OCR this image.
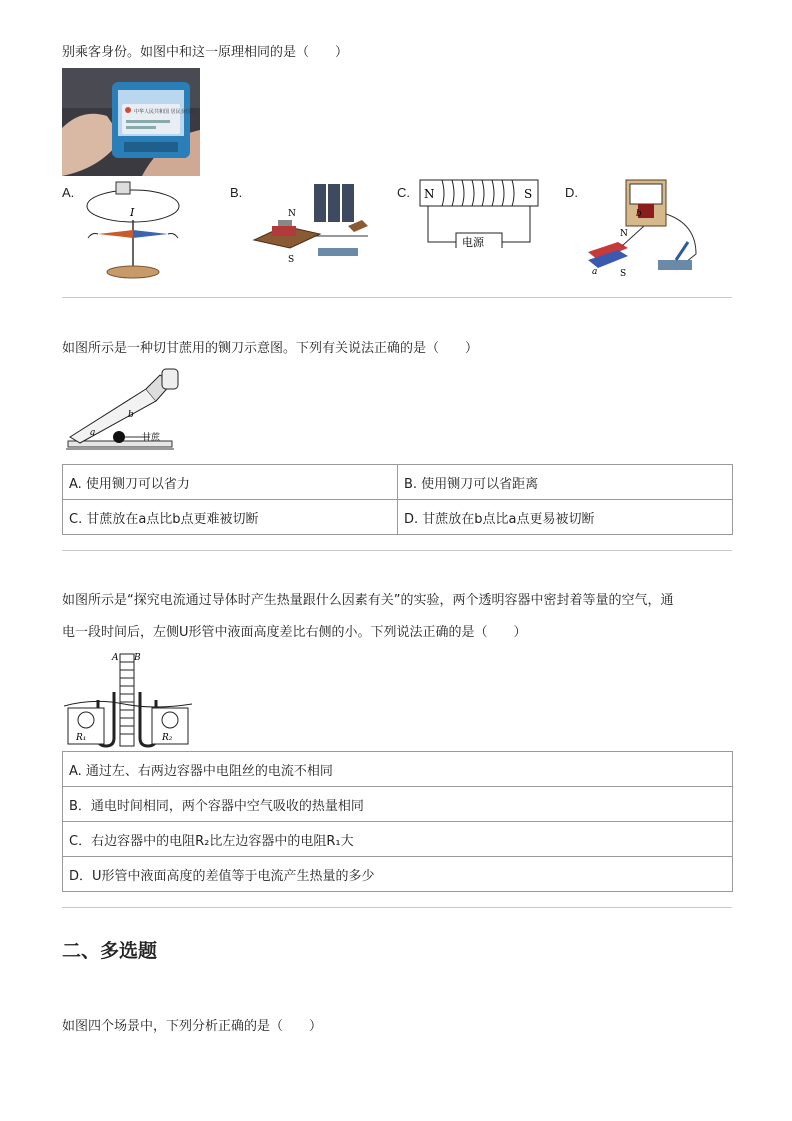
别乘客身份。如图中和这一原理相同的是（　　）
中华人民共和国 居民身份证
A.
I
B.
N
S
C. N	S
电源
D.
N
S
a
b
如图所示是一种切甘蔗用的铡刀示意图。下列有关说法正确的是（　　）
a
b
甘蔗
A. 使用铡刀可以省力	B. 使用铡刀可以省距离
C. 甘蔗放在a点比b点更难被切断	D. 甘蔗放在b点比a点更易被切断
如图所示是“探究电流通过导体时产生热量跟什么因素有关”的实验，两个透明容器中密封着等量的空气，通
电一段时间后，左侧U形管中液面高度差比右侧的小。下列说法正确的是（　　）
A B
R₁	R₂
A. 通过左、右两边容器中电阻丝的电流不相同
B．通电时间相同，两个容器中空气吸收的热量相同
C．右边容器中的电阻R₂比左边容器中的电阻R₁大
D．U形管中液面高度的差值等于电流产生热量的多少
二、多选题
如图四个场景中，下列分析正确的是（　　）
